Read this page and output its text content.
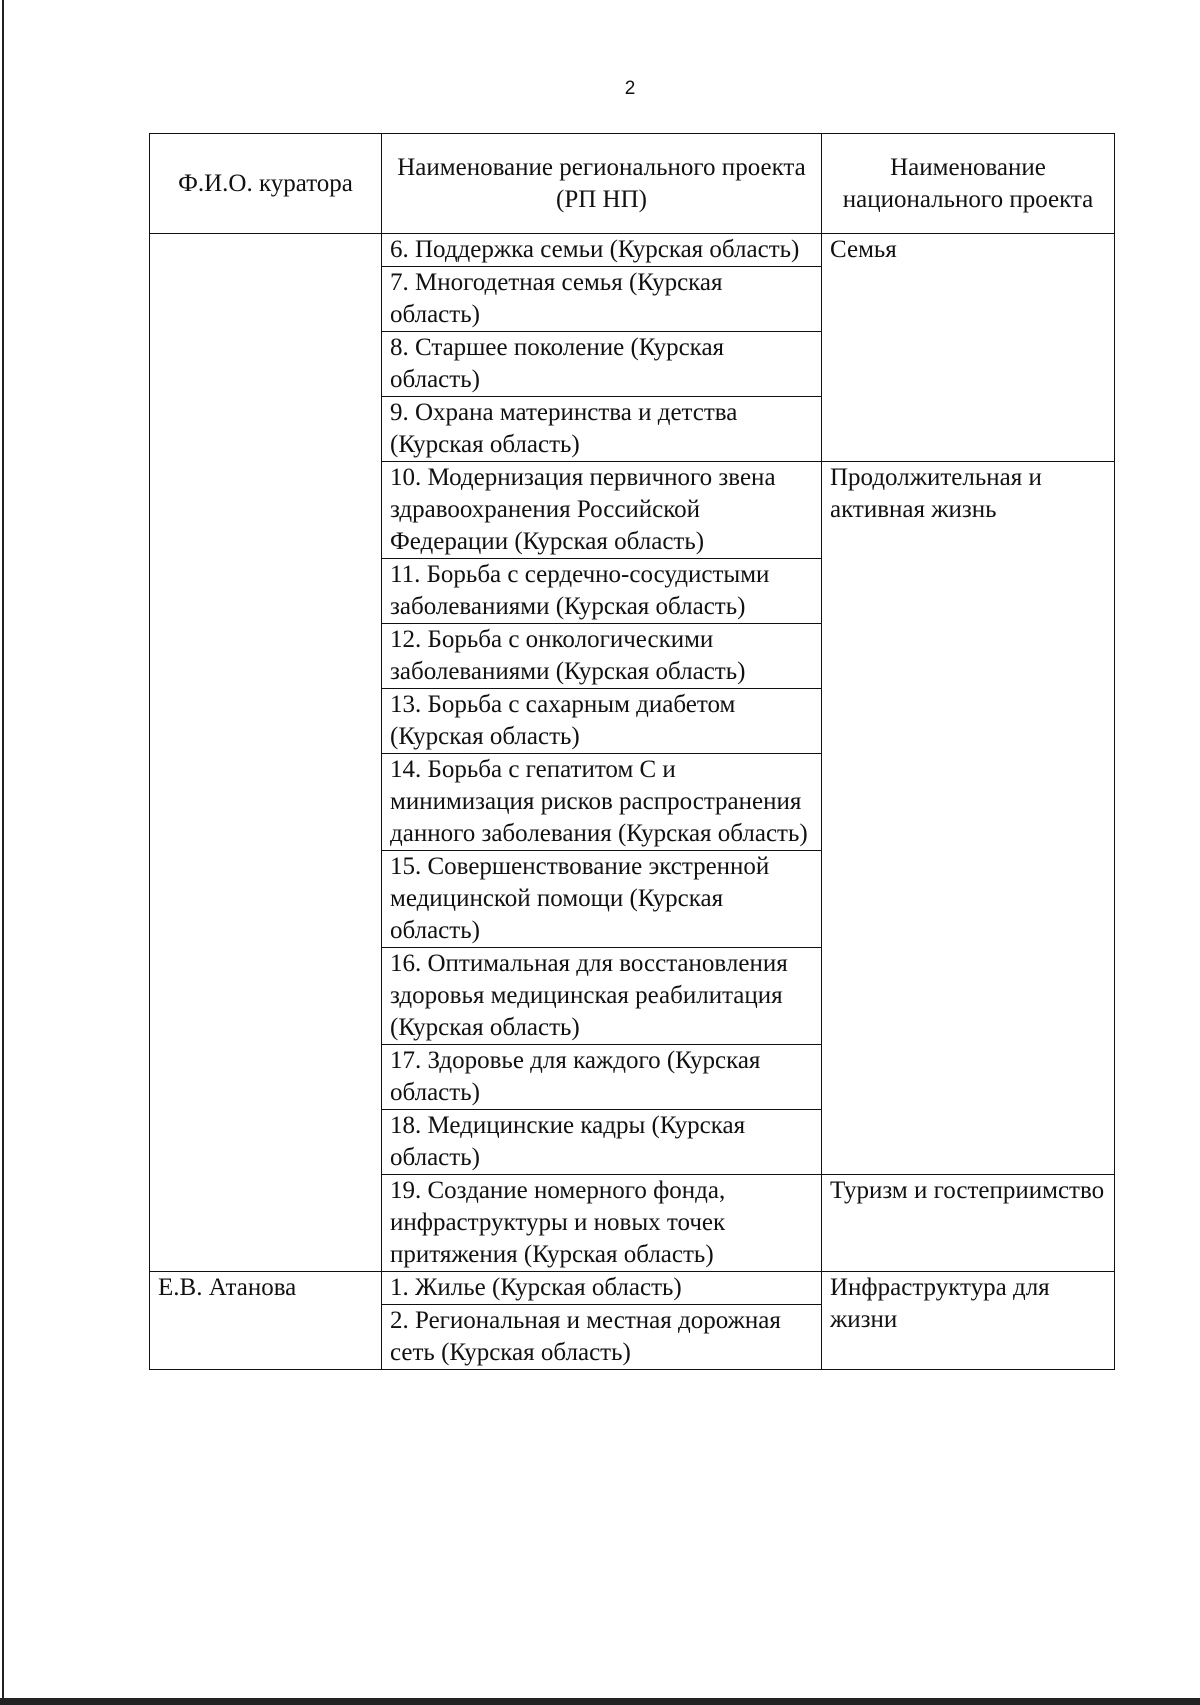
2
Ф.И.О. куратора	Наименование регионального проекта (РП НП)	Наименование национального проекта
	6. Поддержка семьи (Курская область)	Семья
	7. Многодетная семья (Курская область)	
	8. Старшее поколение (Курская область)	
	9. Охрана материнства и детства (Курская область)	
	10. Модернизация первичного звена здравоохранения Российской Федерации (Курская область)	Продолжительная и активная жизнь
	11. Борьба с сердечно-сосудистыми заболеваниями (Курская область)	
	12. Борьба с онкологическими заболеваниями (Курская область)	
	13. Борьба с сахарным диабетом (Курская область)	
	14. Борьба с гепатитом С и минимизация рисков распространения данного заболевания (Курская область)	
	15. Совершенствование экстренной медицинской помощи (Курская область)	
	16. Оптимальная для восстановления здоровья медицинская реабилитация (Курская область)	
	17. Здоровье для каждого (Курская область)	
	18. Медицинские кадры (Курская область)	
	19. Создание номерного фонда, инфраструктуры и новых точек притяжения (Курская область)	Туризм и гостеприимство
Е.В. Атанова	1. Жилье (Курская область)	Инфраструктура для жизни
	2. Региональная и местная дорожная сеть (Курская область)	
